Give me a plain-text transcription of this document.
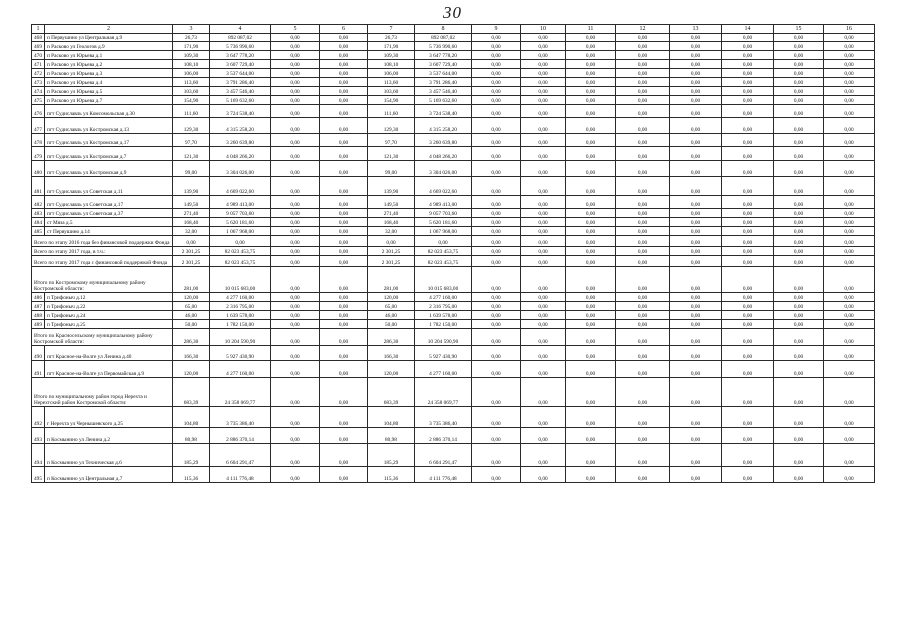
30
1	2	3	4	5	6	7	8	9	10	11	12	13	14	15	16
468	п Первушино ул Центральная д.9	26,73	892 087,02	0,00	0,00	26,73	892 087,02	0,00	0,00	0,00	0,00	0,00	0,00	0,00	0,00
469	п Расково ул Геологов д.9	171,90	5 736 990,60	0,00	0,00	171,90	5 736 990,60	0,00	0,00	0,00	0,00	0,00	0,00	0,00	0,00
470	п Расково ул Юрьева д.1	109,30	3 647 778,20	0,00	0,00	109,30	3 647 778,20	0,00	0,00	0,00	0,00	0,00	0,00	0,00	0,00
471	п Расково ул Юрьева д.2	108,10	3 607 729,40	0,00	0,00	108,10	3 607 729,40	0,00	0,00	0,00	0,00	0,00	0,00	0,00	0,00
472	п Расково ул Юрьева д.3	106,00	3 537 644,00	0,00	0,00	106,00	3 537 644,00	0,00	0,00	0,00	0,00	0,00	0,00	0,00	0,00
473	п Расково ул Юрьева д.4	113,60	3 791 286,40	0,00	0,00	113,60	3 791 286,40	0,00	0,00	0,00	0,00	0,00	0,00	0,00	0,00
474	п Расково ул Юрьева д.5	103,60	3 457 546,40	0,00	0,00	103,60	3 457 546,40	0,00	0,00	0,00	0,00	0,00	0,00	0,00	0,00
475	п Расково ул Юрьева д.7	154,90	5 169 632,60	0,00	0,00	154,90	5 169 632,60	0,00	0,00	0,00	0,00	0,00	0,00	0,00	0,00
476	пгт Судиславль ул Комсомольская д.30	111,60	3 724 538,40	0,00	0,00	111,60	3 724 538,40	0,00	0,00	0,00	0,00	0,00	0,00	0,00	0,00
477	пгт Судиславль ул Костромская д.13	129,30	4 315 258,20	0,00	0,00	129,30	4 315 258,20	0,00	0,00	0,00	0,00	0,00	0,00	0,00	0,00
478	пгт Судиславль ул Костромская д.17	97,70	3 260 639,80	0,00	0,00	97,70	3 260 639,80	0,00	0,00	0,00	0,00	0,00	0,00	0,00	0,00
479	пгт Судиславль ул Костромская д.7	121,30	4 048 266,20	0,00	0,00	121,30	4 048 266,20	0,00	0,00	0,00	0,00	0,00	0,00	0,00	0,00
480	пгт Судиславль ул Костромская д.9	99,00	3 304 026,00	0,00	0,00	99,00	3 304 026,00	0,00	0,00	0,00	0,00	0,00	0,00	0,00	0,00
481	пгт Судиславль ул Советская д.11	139,90	4 669 022,60	0,00	0,00	139,90	4 669 022,60	0,00	0,00	0,00	0,00	0,00	0,00	0,00	0,00
482	пгт Судиславль ул Советская д.17	149,50	4 989 413,00	0,00	0,00	149,50	4 989 413,00	0,00	0,00	0,00	0,00	0,00	0,00	0,00	0,00
483	пгт Судиславль ул Советская д.37	271,40	9 057 703,60	0,00	0,00	271,40	9 057 703,60	0,00	0,00	0,00	0,00	0,00	0,00	0,00	0,00
484	ст Мяза д.5	168,40	5 620 181,60	0,00	0,00	168,40	5 620 181,60	0,00	0,00	0,00	0,00	0,00	0,00	0,00	0,00
485	ст Первушино д.14	32,00	1 067 968,00	0,00	0,00	32,00	1 067 968,00	0,00	0,00	0,00	0,00	0,00	0,00	0,00	0,00
Всего по этапу 2016 года без финансовой поддержки Фонда		0,00	0,00	0,00	0,00	0,00	0,00	0,00	0,00	0,00	0,00	0,00	0,00	0,00	0,00
Всего по этапу 2017 года, в т.ч.:		2 301,25	82 023 453,75	0,00	0,00	2 301,25	82 023 453,75	0,00	0,00	0,00	0,00	0,00	0,00	0,00	0,00
Всего по этапу 2017 года с финансовой поддержкой Фонда		2 301,25	82 023 453,75	0,00	0,00	2 301,25	82 023 453,75	0,00	0,00	0,00	0,00	0,00	0,00	0,00	0,00
Итого по Костромскому муниципальному району Костромской области:		281,00	10 015 683,00	0,00	0,00	281,00	10 015 683,00	0,00	0,00	0,00	0,00	0,00	0,00	0,00	0,00
486	п Трифоныч д.12	120,00	4 277 160,00	0,00	0,00	120,00	4 277 160,00	0,00	0,00	0,00	0,00	0,00	0,00	0,00	0,00
487	п Трифоныч д.22	65,00	2 316 795,00	0,00	0,00	65,00	2 316 795,00	0,00	0,00	0,00	0,00	0,00	0,00	0,00	0,00
488	п Трифоныч д.24	46,00	1 639 578,00	0,00	0,00	46,00	1 639 578,00	0,00	0,00	0,00	0,00	0,00	0,00	0,00	0,00
489	п Трифоныч д.25	50,00	1 782 150,00	0,00	0,00	50,00	1 782 150,00	0,00	0,00	0,00	0,00	0,00	0,00	0,00	0,00
Итого по Красносельскому муниципальному району Костромской области:		286,30	10 204 590,90	0,00	0,00	286,30	10 204 590,90	0,00	0,00	0,00	0,00	0,00	0,00	0,00	0,00
490	пгт Красное-на-Волге ул Ленина д.40	166,30	5 927 430,90	0,00	0,00	166,30	5 927 430,90	0,00	0,00	0,00	0,00	0,00	0,00	0,00	0,00
491	пгт Красное-на-Волге ул Первомайская д.9	120,00	4 277 160,00	0,00	0,00	120,00	4 277 160,00	0,00	0,00	0,00	0,00	0,00	0,00	0,00	0,00
Итого по муниципальному район город Нерехта и Нерехтский район Костромской области:		683,39	24 358 069,77	0,00	0,00	683,39	24 358 069,77	0,00	0,00	0,00	0,00	0,00	0,00	0,00	0,00
492	г Нерехта ул Чернышевского д.25	104,80	3 735 386,40	0,00	0,00	104,80	3 735 386,40	0,00	0,00	0,00	0,00	0,00	0,00	0,00	0,00
493	п Космынино ул Ленина д.2	80,98	2 886 370,14	0,00	0,00	80,98	2 886 370,14	0,00	0,00	0,00	0,00	0,00	0,00	0,00	0,00
494	п Космынино ул Техническая д.6	185,29	6 604 291,47	0,00	0,00	185,29	6 604 291,47	0,00	0,00	0,00	0,00	0,00	0,00	0,00	0,00
495	п Космынино ул Центральная д.7	115,36	4 111 776,48	0,00	0,00	115,36	4 111 776,48	0,00	0,00	0,00	0,00	0,00	0,00	0,00	0,00
